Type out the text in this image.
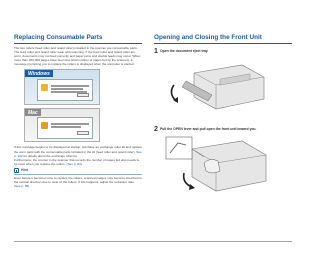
Replacing Consumable Parts

The two rollers (feed roller and retard roller) installed in the scanner are consumable parts. The feed roller and retard roller wear with scanning. If the feed roller and retard roller are worn, documents may not feed correctly and paper jams and double feeds may occur. When more than 200,000 pages have been fed (total number of pages fed by the scanner), a message prompting you to replace the rollers is displayed when the computer is started.

Windows
Mac

If this message begins to be displayed at startup, purchase an exchange roller kit and replace the worn parts with the consumable parts included in the kit (feed roller and retard roller). See p. 102 for details about the exchange roller kit.

Furthermore, the counter in the scanner that records the number of pages fed also needs to be reset when you replace the rollers. (See p. 84)

Hint

Even before it becomes time to replace the rollers, scanned images may become stretched in the vertical direction due to wear of the rollers. If this happens, adjust the reduction ratio. (See p. 85)

Opening and Closing the Front Unit
1 Open the document eject tray.
2 Pull the OPEN lever and pull open the front unit toward you.
